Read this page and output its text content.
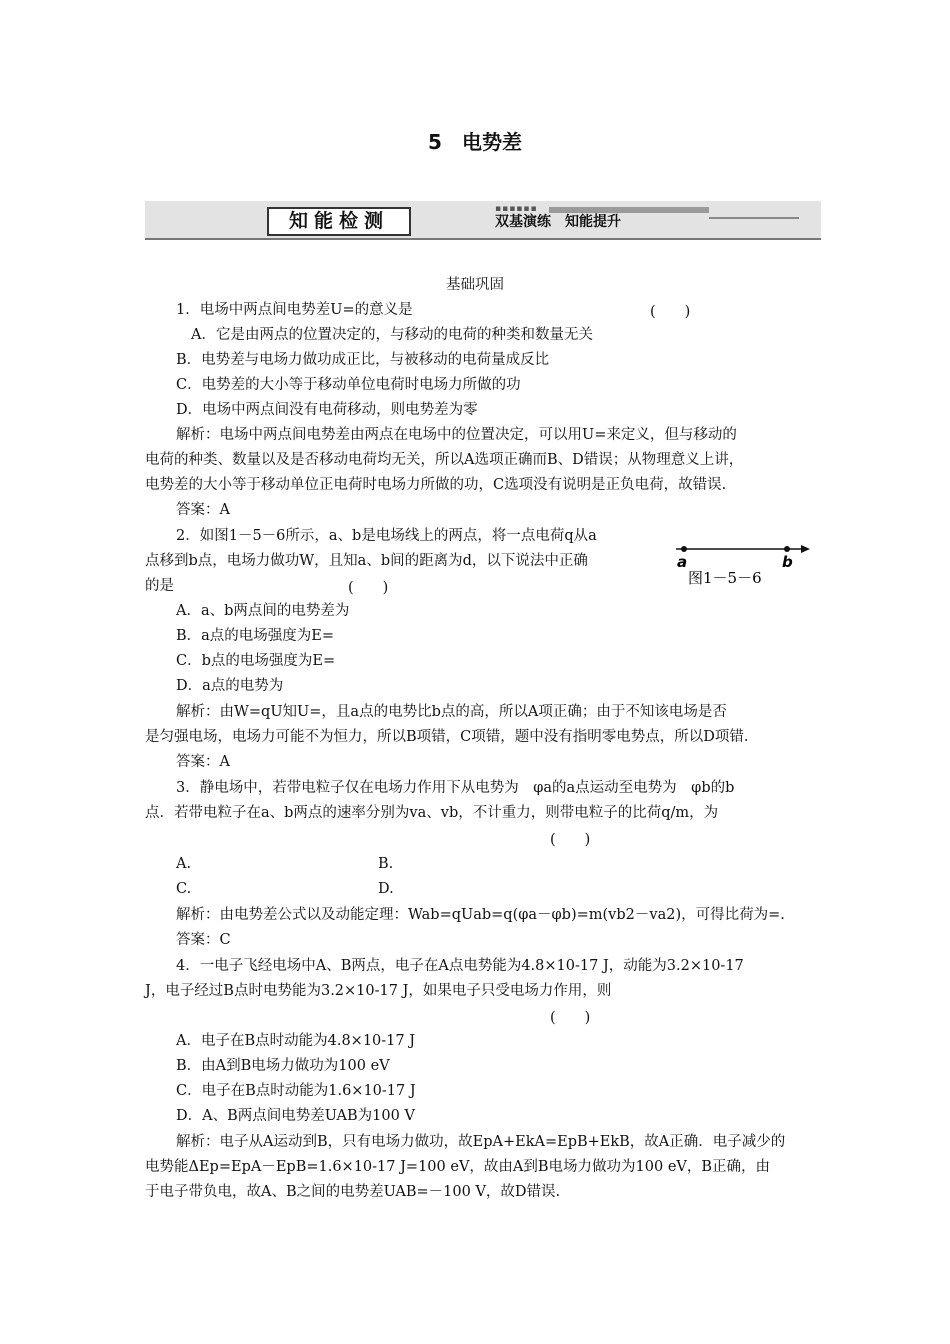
5　电势差
知能检测
▪▪▪▪▪▪
双基演练　知能提升
基础巩固
1．电场中两点间电势差U=的意义是	(　　)
A．它是由两点的位置决定的，与移动的电荷的种类和数量无关
B．电势差与电场力做功成正比，与被移动的电荷量成反比
C．电势差的大小等于移动单位电荷时电场力所做的功
D．电场中两点间没有电荷移动，则电势差为零
解析：电场中两点间电势差由两点在电场中的位置决定，可以用U=来定义，但与移动的
电荷的种类、数量以及是否移动电荷均无关，所以A选项正确而B、D错误；从物理意义上讲，
电势差的大小等于移动单位正电荷时电场力所做的功，C选项没有说明是正负电荷，故错误.
答案：A
2．如图1－5－6所示，a、b是电场线上的两点，将一点电荷q从a
点移到b点，电场力做功W，且知a、b间的距离为d，以下说法中正确
的是	(　　)
a	b
图1－5－6
A．a、b两点间的电势差为
B．a点的电场强度为E=
C．b点的电场强度为E=
D．a点的电势为
解析：由W=qU知U=，且a点的电势比b点的高，所以A项正确；由于不知该电场是否
是匀强电场，电场力可能不为恒力，所以B项错，C项错，题中没有指明零电势点，所以D项错.
答案：A
3．静电场中，若带电粒子仅在电场力作用下从电势为　φa的a点运动至电势为　φb的b
点．若带电粒子在a、b两点的速率分别为va、vb，不计重力，则带电粒子的比荷q/m，为
(　　)
A.	B.
C.	D.
解析：由电势差公式以及动能定理：Wab=qUab=q(φa－φb)=m(vb2－va2)，可得比荷为=.
答案：C
4．一电子飞经电场中A、B两点，电子在A点电势能为4.8×10-17 J，动能为3.2×10-17
J，电子经过B点时电势能为3.2×10-17 J，如果电子只受电场力作用，则
(　　)
A．电子在B点时动能为4.8×10-17 J
B．由A到B电场力做功为100 eV
C．电子在B点时动能为1.6×10-17 J
D．A、B两点间电势差UAB为100 V
解析：电子从A运动到B，只有电场力做功，故EpA+EkA=EpB+EkB，故A正确．电子减少的
电势能ΔEp=EpA－EpB=1.6×10-17 J=100 eV，故由A到B电场力做功为100 eV，B正确，由
于电子带负电，故A、B之间的电势差UAB=－100 V，故D错误.
